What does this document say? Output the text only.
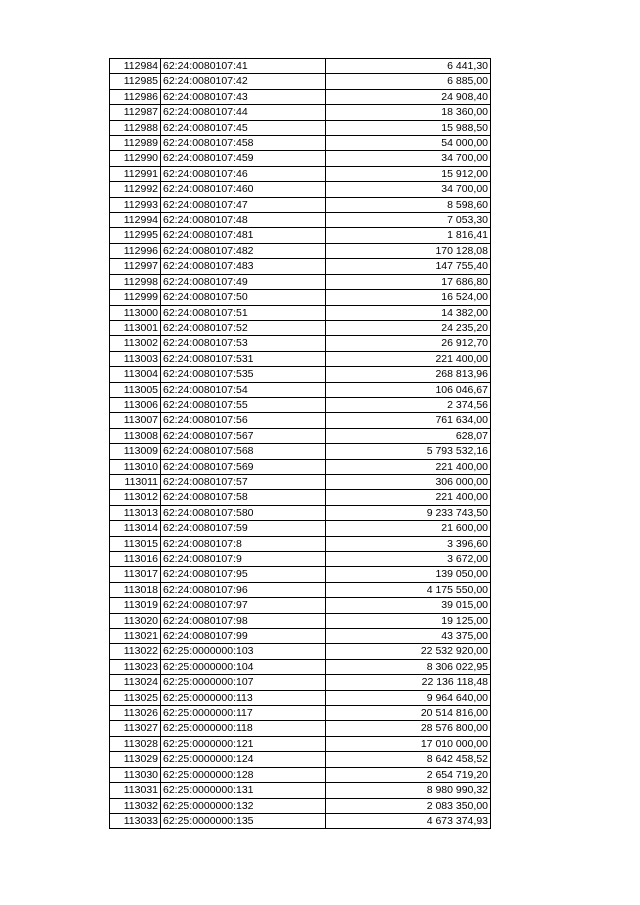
112984	62:24:0080107:41	6 441,30
112985	62:24:0080107:42	6 885,00
112986	62:24:0080107:43	24 908,40
112987	62:24:0080107:44	18 360,00
112988	62:24:0080107:45	15 988,50
112989	62:24:0080107:458	54 000,00
112990	62:24:0080107:459	34 700,00
112991	62:24:0080107:46	15 912,00
112992	62:24:0080107:460	34 700,00
112993	62:24:0080107:47	8 598,60
112994	62:24:0080107:48	7 053,30
112995	62:24:0080107:481	1 816,41
112996	62:24:0080107:482	170 128,08
112997	62:24:0080107:483	147 755,40
112998	62:24:0080107:49	17 686,80
112999	62:24:0080107:50	16 524,00
113000	62:24:0080107:51	14 382,00
113001	62:24:0080107:52	24 235,20
113002	62:24:0080107:53	26 912,70
113003	62:24:0080107:531	221 400,00
113004	62:24:0080107:535	268 813,96
113005	62:24:0080107:54	106 046,67
113006	62:24:0080107:55	2 374,56
113007	62:24:0080107:56	761 634,00
113008	62:24:0080107:567	628,07
113009	62:24:0080107:568	5 793 532,16
113010	62:24:0080107:569	221 400,00
113011	62:24:0080107:57	306 000,00
113012	62:24:0080107:58	221 400,00
113013	62:24:0080107:580	9 233 743,50
113014	62:24:0080107:59	21 600,00
113015	62:24:0080107:8	3 396,60
113016	62:24:0080107:9	3 672,00
113017	62:24:0080107:95	139 050,00
113018	62:24:0080107:96	4 175 550,00
113019	62:24:0080107:97	39 015,00
113020	62:24:0080107:98	19 125,00
113021	62:24:0080107:99	43 375,00
113022	62:25:0000000:103	22 532 920,00
113023	62:25:0000000:104	8 306 022,95
113024	62:25:0000000:107	22 136 118,48
113025	62:25:0000000:113	9 964 640,00
113026	62:25:0000000:117	20 514 816,00
113027	62:25:0000000:118	28 576 800,00
113028	62:25:0000000:121	17 010 000,00
113029	62:25:0000000:124	8 642 458,52
113030	62:25:0000000:128	2 654 719,20
113031	62:25:0000000:131	8 980 990,32
113032	62:25:0000000:132	2 083 350,00
113033	62:25:0000000:135	4 673 374,93
